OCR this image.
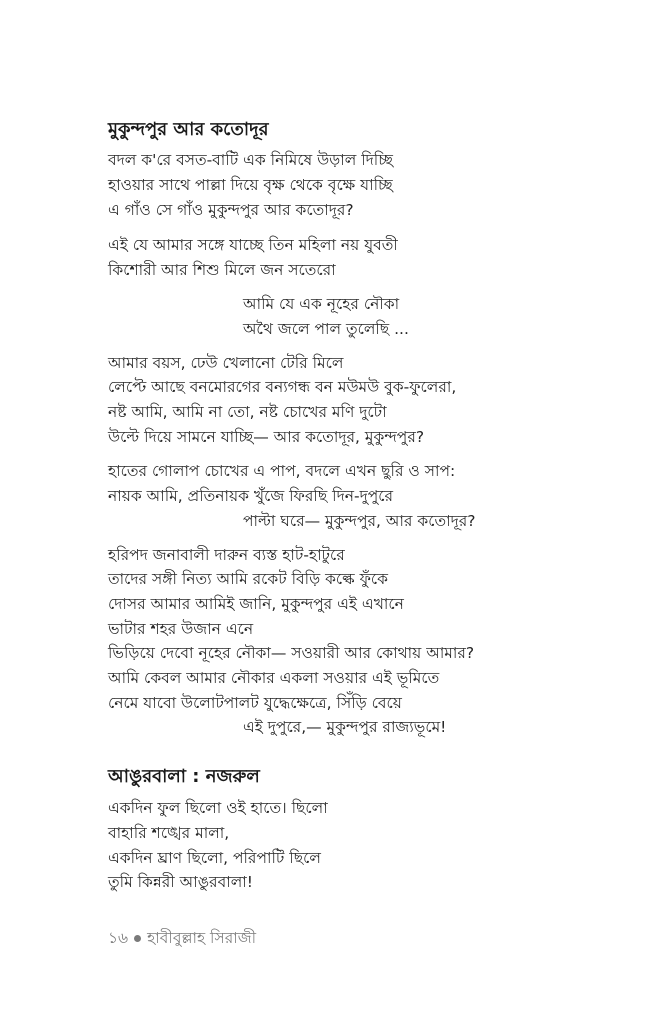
মুকুন্দপুর আর কতোদূর
বদল ক'রে বসত-বাটি এক নিমিষে উড়াল দিচ্ছি
হাওয়ার সাথে পাল্লা দিয়ে বৃক্ষ থেকে বৃক্ষে যাচ্ছি
এ গাঁও সে গাঁও মুকুন্দপুর আর কতোদূর?
এই যে আমার সঙ্গে যাচ্ছে তিন মহিলা নয় যুবতী
কিশোরী আর শিশু মিলে জন সতেরো
আমি যে এক নূহের নৌকা
অথৈ জলে পাল তুলেছি ...
আমার বয়স, ঢেউ খেলানো টেরি মিলে
লেপ্টে আছে বনমোরগের বন্যগন্ধ বন মউমউ বুক-ফুলেরা,
নষ্ট আমি, আমি না তো, নষ্ট চোখের মণি দুটো
উল্টে দিয়ে সামনে যাচ্ছি— আর কতোদূর, মুকুন্দপুর?
হাতের গোলাপ চোখের এ পাপ, বদলে এখন ছুরি ও সাপ:
নায়ক আমি, প্রতিনায়ক খুঁজে ফিরছি দিন-দুপুরে
পাল্টা ঘরে— মুকুন্দপুর, আর কতোদূর?
হরিপদ জনাবালী দারুন ব্যস্ত হাট-হাটুরে
তাদের সঙ্গী নিত্য আমি রকেট বিড়ি কল্কে ফুঁকে
দোসর আমার আমিই জানি, মুকুন্দপুর এই এখানে
ভাটার শহর উজান এনে
ভিড়িয়ে দেবো নূহের নৌকা— সওয়ারী আর কোথায় আমার?
আমি কেবল আমার নৌকার একলা সওয়ার এই ভূমিতে
নেমে যাবো উলোটপালট যুদ্ধেক্ষেত্রে, সিঁড়ি বেয়ে
এই দুপুরে,— মুকুন্দপুর রাজ্যভূমে!
আঙুরবালা : নজরুল
একদিন ফুল ছিলো ওই হাতে। ছিলো
বাহারি শঙ্খের মালা,
একদিন ঘ্রাণ ছিলো, পরিপাটি ছিলে
তুমি কিন্নরী আঙুরবালা!
১৬ হাবীবুল্লাহ সিরাজী
